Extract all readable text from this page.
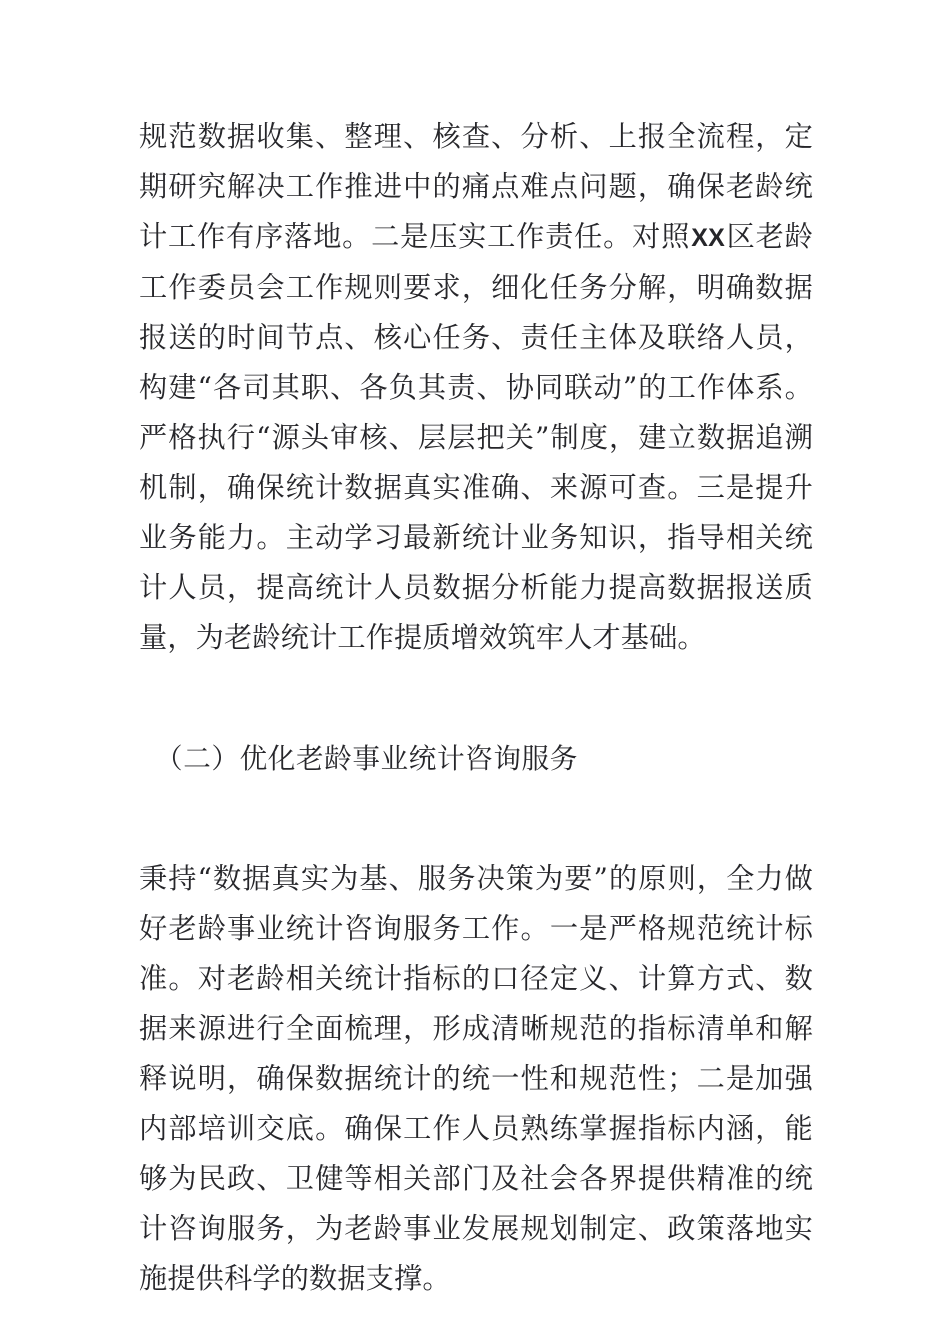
规范数据收集、整理、核查、分析、上报全流程，定期研究解决工作推进中的痛点难点问题，确保老龄统计工作有序落地。二是压实工作责任。对照XX区老龄工作委员会工作规则要求，细化任务分解，明确数据报送的时间节点、核心任务、责任主体及联络人员，构建“各司其职、各负其责、协同联动”的工作体系。严格执行“源头审核、层层把关”制度，建立数据追溯机制，确保统计数据真实准确、来源可查。三是提升业务能力。主动学习最新统计业务知识，指导相关统计人员，提高统计人员数据分析能力提高数据报送质量，为老龄统计工作提质增效筑牢人才基础。

（二）优化老龄事业统计咨询服务

秉持“数据真实为基、服务决策为要”的原则，全力做好老龄事业统计咨询服务工作。一是严格规范统计标准。对老龄相关统计指标的口径定义、计算方式、数据来源进行全面梳理，形成清晰规范的指标清单和解释说明，确保数据统计的统一性和规范性；二是加强内部培训交底。确保工作人员熟练掌握指标内涵，能够为民政、卫健等相关部门及社会各界提供精准的统计咨询服务，为老龄事业发展规划制定、政策落地实施提供科学的数据支撑。
